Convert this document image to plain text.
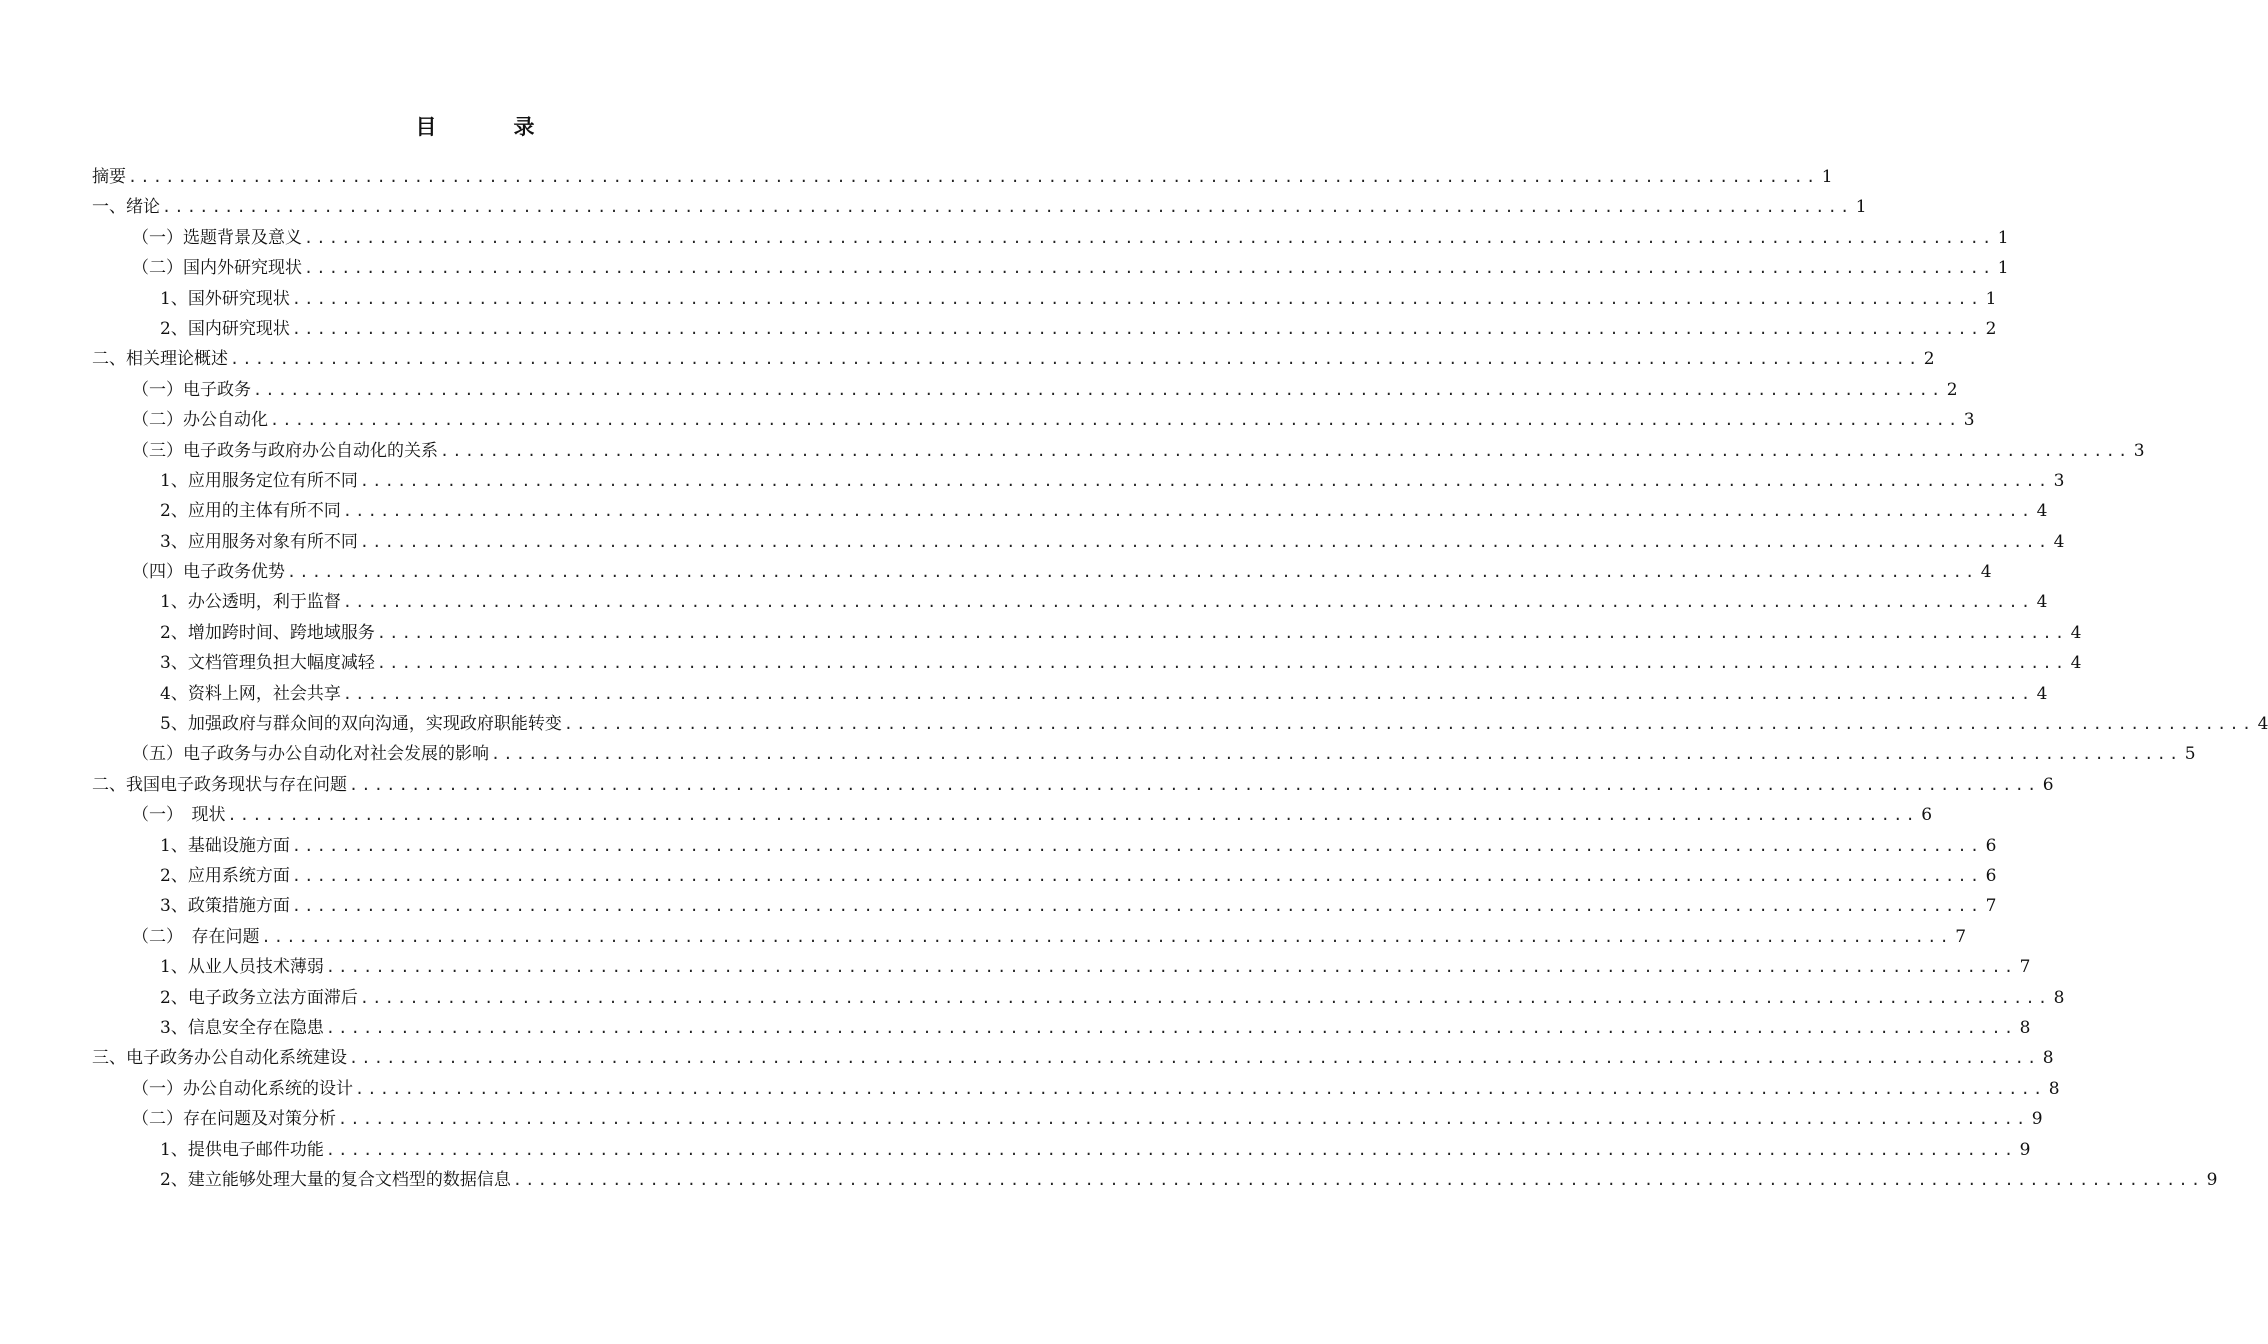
目　录
摘要 ........................................................................................................................................ 1
一、绪论 ........................................................................................................................................ 1
（一）选题背景及意义 ........................................................................................................................................ 1
（二）国内外研究现状 ........................................................................................................................................ 1
1、国外研究现状 ........................................................................................................................................ 1
2、国内研究现状 ........................................................................................................................................ 2
二、相关理论概述 ........................................................................................................................................ 2
（一）电子政务 ........................................................................................................................................ 2
（二）办公自动化 ........................................................................................................................................ 3
（三）电子政务与政府办公自动化的关系 ........................................................................................................................................ 3
1、应用服务定位有所不同 ........................................................................................................................................ 3
2、应用的主体有所不同 ........................................................................................................................................ 4
3、应用服务对象有所不同 ........................................................................................................................................ 4
（四）电子政务优势 ........................................................................................................................................ 4
1、办公透明，利于监督 ........................................................................................................................................ 4
2、增加跨时间、跨地域服务 ........................................................................................................................................ 4
3、文档管理负担大幅度减轻 ........................................................................................................................................ 4
4、资料上网，社会共享 ........................................................................................................................................ 4
5、加强政府与群众间的双向沟通，实现政府职能转变 ........................................................................................................................................ 4
（五）电子政务与办公自动化对社会发展的影响 ........................................................................................................................................ 5
二、我国电子政务现状与存在问题 ........................................................................................................................................ 6
（一）　现状 ........................................................................................................................................ 6
1、基础设施方面 ........................................................................................................................................ 6
2、应用系统方面 ........................................................................................................................................ 6
3、政策措施方面 ........................................................................................................................................ 7
（二）　存在问题 ........................................................................................................................................ 7
1、从业人员技术薄弱 ........................................................................................................................................ 7
2、电子政务立法方面滞后 ........................................................................................................................................ 8
3、信息安全存在隐患 ........................................................................................................................................ 8
三、电子政务办公自动化系统建设 ........................................................................................................................................ 8
（一）办公自动化系统的设计 ........................................................................................................................................ 8
（二）存在问题及对策分析 ........................................................................................................................................ 9
1、提供电子邮件功能 ........................................................................................................................................ 9
2、建立能够处理大量的复合文档型的数据信息 ........................................................................................................................................ 9
